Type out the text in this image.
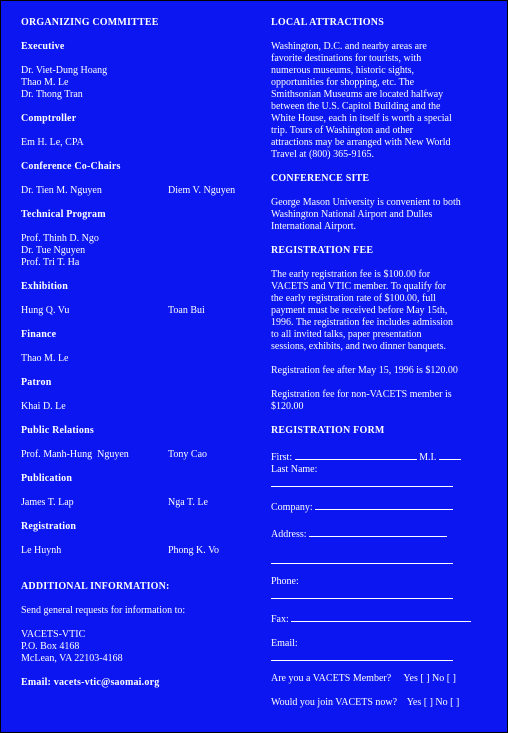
ORGANIZING COMMITTEE
Executive
Dr. Viet-Dung Hoang
Thao M. Le
Dr. Thong Tran
Comptroller
Em H. Le, CPA
Conference Co-Chairs
Dr. Tien M. Nguyen	Diem V. Nguyen
Technical Program
Prof. Thinh D. Ngo
Dr. Tue Nguyen
Prof. Tri T. Ha
Exhibition
Hung Q. Vu	Toan Bui
Finance
Thao M. Le
Patron
Khai D. Le
Public Relations
Prof. Manh-Hung  Nguyen	Tony Cao
Publication
James T. Lap	Nga T. Le
Registration
Le Huynh	Phong K. Vo
ADDITIONAL INFORMATION:
Send general requests for information to:
VACETS-VTIC
P.O. Box 4168
McLean, VA 22103-4168
Email: vacets-vtic@saomai.org
LOCAL ATTRACTIONS
Washington, D.C. and nearby areas are
favorite destinations for tourists, with
numerous museums, historic sights,
opportunities for shopping, etc. The
Smithsonian Museums are located halfway
between the U.S. Capitol Building and the
White House, each in itself is worth a special
trip. Tours of Washington and other
attractions may be arranged with New World
Travel at (800) 365-9165.
CONFERENCE SITE
George Mason University is convenient to both
Washington National Airport and Dulles
International Airport.
REGISTRATION FEE
The early registration fee is $100.00 for
VACETS and VTIC member. To qualify for
the early registration rate of $100.00, full
payment must be received before May 15th,
1996. The registration fee includes admission
to all invited talks, paper presentation
sessions, exhibits, and two dinner banquets.
Registration fee after May 15, 1996 is $120.00
Registration fee for non-VACETS member is
$120.00
REGISTRATION FORM
First:	M.I.
Last Name:
Company:
Address:
Phone:
Fax:
Email:
Are you a VACETS Member? Yes [ ] No [ ]
Would you join VACETS now? Yes [ ] No [ ]
